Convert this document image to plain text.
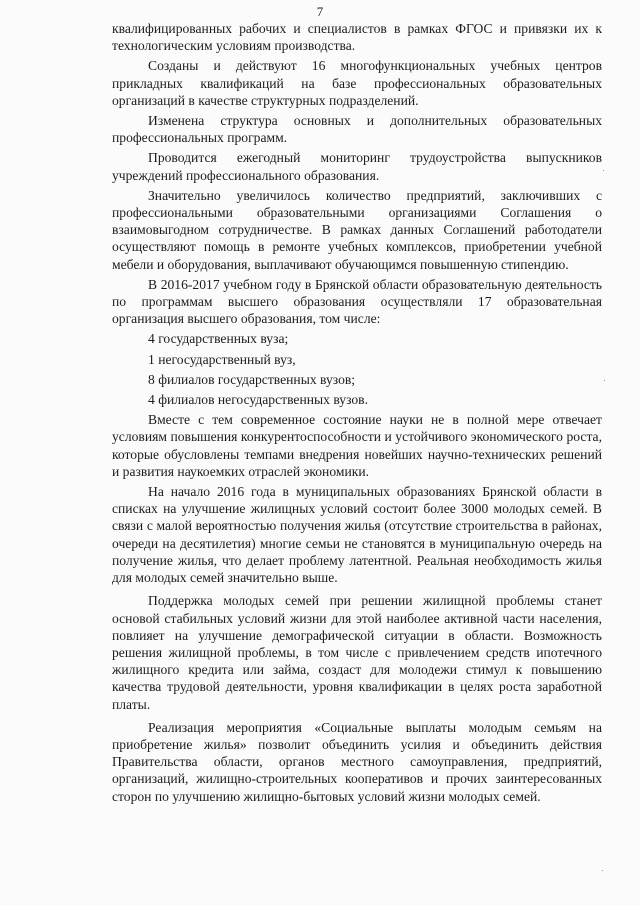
7

квалифицированных рабочих и специалистов в рамках ФГОС и привязки их к технологическим условиям производства.

Созданы и действуют 16 многофункциональных учебных центров прикладных квалификаций на базе профессиональных образовательных организаций в качестве структурных подразделений.

Изменена структура основных и дополнительных образовательных профессиональных программ.

Проводится ежегодный мониторинг трудоустройства выпускников учреждений профессионального образования.

Значительно увеличилось количество предприятий, заключивших с профессиональными образовательными организациями Соглашения о взаимовыгодном сотрудничестве. В рамках данных Соглашений работодатели осуществляют помощь в ремонте учебных комплексов, приобретении учебной мебели и оборудования, выплачивают обучающимся повышенную стипендию.

В 2016-2017 учебном году в Брянской области образовательную деятельность по программам высшего образования осуществляли 17 образовательная организация высшего образования, том числе:

4 государственных вуза;
1 негосударственный вуз,
8 филиалов государственных вузов;
4 филиалов негосударственных вузов.

Вместе с тем современное состояние науки не в полной мере отвечает условиям повышения конкурентоспособности и устойчивого экономического роста, которые обусловлены темпами внедрения новейших научно-технических решений и развития наукоемких отраслей экономики.

На начало 2016 года в муниципальных образованиях Брянской области в списках на улучшение жилищных условий состоит более 3000 молодых семей. В связи с малой вероятностью получения жилья (отсутствие строительства в районах, очереди на десятилетия) многие семьи не становятся в муниципальную очередь на получение жилья, что делает проблему латентной. Реальная необходимость жилья для молодых семей значительно выше.

Поддержка молодых семей при решении жилищной проблемы станет основой стабильных условий жизни для этой наиболее активной части населения, повлияет на улучшение демографической ситуации в области. Возможность решения жилищной проблемы, в том числе с привлечением средств ипотечного жилищного кредита или займа, создаст для молодежи стимул к повышению качества трудовой деятельности, уровня квалификации в целях роста заработной платы.

Реализация мероприятия «Социальные выплаты молодым семьям на приобретение жилья» позволит объединить усилия и объединить действия Правительства области, органов местного самоуправления, предприятий, организаций, жилищно-строительных кооперативов и прочих заинтересованных сторон по улучшению жилищно-бытовых условий жизни молодых семей.
